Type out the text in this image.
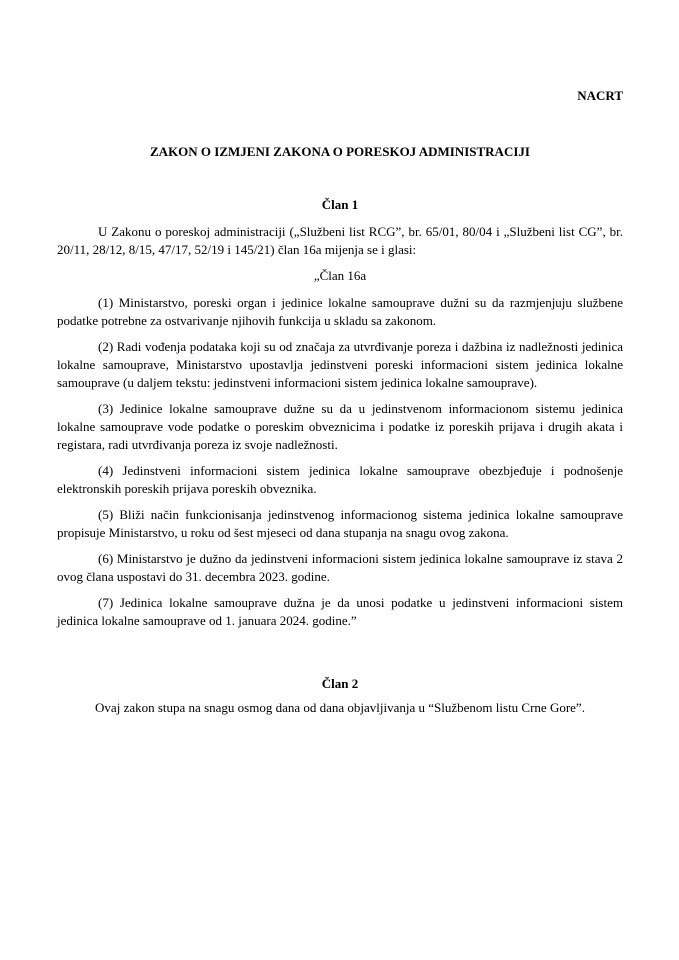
NACRT
ZAKON O IZMJENI ZAKONA O PORESKOJ ADMINISTRACIJI
Član 1

U Zakonu o poreskoj administraciji („Službeni list RCG”, br. 65/01, 80/04 i „Službeni list CG”, br. 20/11, 28/12, 8/15, 47/17, 52/19 i 145/21) član 16a mijenja se i glasi:

„Član 16a

(1) Ministarstvo, poreski organ i jedinice lokalne samouprave dužni su da razmjenjuju službene podatke potrebne za ostvarivanje njihovih funkcija u skladu sa zakonom.

(2) Radi vođenja podataka koji su od značaja za utvrđivanje poreza i dažbina iz nadležnosti jedinica lokalne samouprave, Ministarstvo upostavlja jedinstveni poreski informacioni sistem jedinica lokalne samouprave (u daljem tekstu: jedinstveni informacioni sistem jedinica lokalne samouprave).

(3) Jedinice lokalne samouprave dužne su da u jedinstvenom informacionom sistemu jedinica lokalne samouprave vode podatke o poreskim obveznicima i podatke iz poreskih prijava i drugih akata i registara, radi utvrđivanja poreza iz svoje nadležnosti.

(4) Jedinstveni informacioni sistem jedinica lokalne samouprave obezbjeđuje i podnošenje elektronskih poreskih prijava poreskih obveznika.

(5) Bliži način funkcionisanja jedinstvenog informacionog sistema jedinica lokalne samouprave propisuje Ministarstvo, u roku od šest mjeseci od dana stupanja na snagu ovog zakona.

(6) Ministarstvo je dužno da jedinstveni informacioni sistem jedinica lokalne samouprave iz stava 2 ovog člana uspostavi do 31. decembra 2023. godine.

(7) Jedinica lokalne samouprave dužna je da unosi podatke u jedinstveni informacioni sistem jedinica lokalne samouprave od 1. januara 2024. godine.”

Član 2
Ovaj zakon stupa na snagu osmog dana od dana objavljivanja u “Službenom listu Crne Gore”.
